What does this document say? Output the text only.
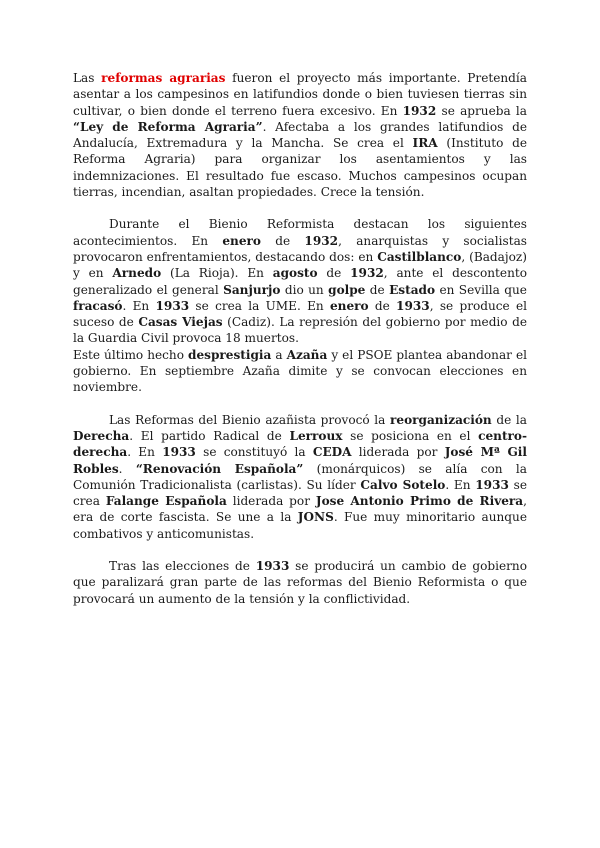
Las reformas agrarias fueron el proyecto más importante. Pretendía asentar a los campesinos en latifundios donde o bien tuviesen tierras sin cultivar, o bien donde el terreno fuera excesivo. En 1932 se aprueba la “Ley de Reforma Agraria”. Afectaba a los grandes latifundios de Andalucía, Extremadura y la Mancha. Se crea el IRA (Instituto de Reforma Agraria) para organizar los asentamientos y las indemnizaciones. El resultado fue escaso. Muchos campesinos ocupan tierras, incendian, asaltan propiedades. Crece la tensión.

Durante el Bienio Reformista destacan los siguientes acontecimientos. En enero de 1932, anarquistas y socialistas provocaron enfrentamientos, destacando dos: en Castilblanco, (Badajoz) y en Arnedo (La Rioja). En agosto de 1932, ante el descontento generalizado el general Sanjurjo dio un golpe de Estado en Sevilla que fracasó. En 1933 se crea la UME. En enero de 1933, se produce el suceso de Casas Viejas (Cadiz). La represión del gobierno por medio de la Guardia Civil provoca 18 muertos.

Este último hecho desprestigia a Azaña y el PSOE plantea abandonar el gobierno. En septiembre Azaña dimite y se convocan elecciones en noviembre.

Las Reformas del Bienio azañista provocó la reorganización de la Derecha. El partido Radical de Lerroux se posiciona en el centro-derecha. En 1933 se constituyó la CEDA liderada por José Mª Gil Robles. “Renovación Española” (monárquicos) se alía con la Comunión Tradicionalista (carlistas). Su líder Calvo Sotelo. En 1933 se crea Falange Española liderada por Jose Antonio Primo de Rivera, era de corte fascista. Se une a la JONS. Fue muy minoritario aunque combativos y anticomunistas.

Tras las elecciones de 1933 se producirá un cambio de gobierno que paralizará gran parte de las reformas del Bienio Reformista o que provocará un aumento de la tensión y la conflictividad.
